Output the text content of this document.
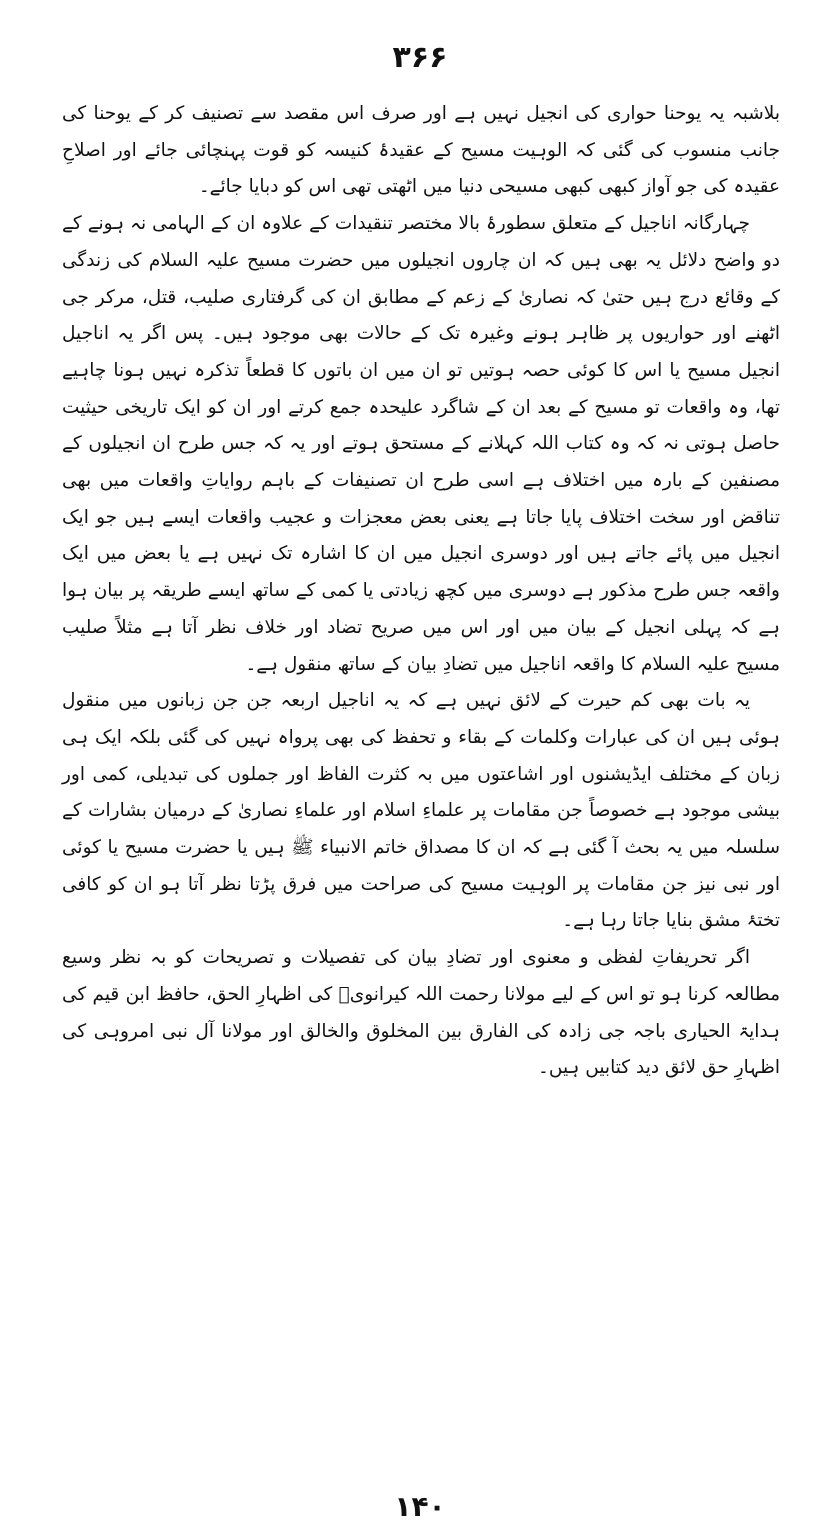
۳۶۶

بلاشبہ یہ یوحنا حواری کی انجیل نہیں ہے اور صرف اس مقصد سے تصنیف کر کے یوحنا کی جانب منسوب کی گئی کہ الوہیت مسیح کے عقیدۂ کنیسہ کو قوت پہنچائی جائے اور اصلاحِ عقیدہ کی جو آواز کبھی کبھی مسیحی دنیا میں اٹھتی تھی اس کو دبایا جائے۔

چہارگانہ اناجیل کے متعلق سطورۂ بالا مختصر تنقیدات کے علاوہ ان کے الہامی نہ ہونے کے دو واضح دلائل یہ بھی ہیں کہ ان چاروں انجیلوں میں حضرت مسیح علیہ السلام کی زندگی کے وقائع درج ہیں حتیٰ کہ نصاریٰ کے زعم کے مطابق ان کی گرفتاری صلیب، قتل، مرکر جی اٹھنے اور حواریوں پر ظاہر ہونے وغیرہ تک کے حالات بھی موجود ہیں۔ پس اگر یہ اناجیل انجیل مسیح یا اس کا کوئی حصہ ہوتیں تو ان میں ان باتوں کا قطعاً تذکرہ نہیں ہونا چاہیے تھا، وہ واقعات تو مسیح کے بعد ان کے شاگرد علیحدہ جمع کرتے اور ان کو ایک تاریخی حیثیت حاصل ہوتی نہ کہ وہ کتاب اللہ کہلانے کے مستحق ہوتے اور یہ کہ جس طرح ان انجیلوں کے مصنفین کے بارہ میں اختلاف ہے اسی طرح ان تصنیفات کے باہم روایاتِ واقعات میں بھی تناقض اور سخت اختلاف پایا جاتا ہے یعنی بعض معجزات و عجیب واقعات ایسے ہیں جو ایک انجیل میں پائے جاتے ہیں اور دوسری انجیل میں ان کا اشارہ تک نہیں ہے یا بعض میں ایک واقعہ جس طرح مذکور ہے دوسری میں کچھ زیادتی یا کمی کے ساتھ ایسے طریقہ پر بیان ہوا ہے کہ پہلی انجیل کے بیان میں اور اس میں صریح تضاد اور خلاف نظر آتا ہے مثلاً صلیب مسیح علیہ السلام کا واقعہ اناجیل میں تضادِ بیان کے ساتھ منقول ہے۔

یہ بات بھی کم حیرت کے لائق نہیں ہے کہ یہ اناجیل اربعہ جن جن زبانوں میں منقول ہوئی ہیں ان کی عبارات وکلمات کے بقاء و تحفظ کی بھی پرواہ نہیں کی گئی بلکہ ایک ہی زبان کے مختلف ایڈیشنوں اور اشاعتوں میں بہ کثرت الفاظ اور جملوں کی تبدیلی، کمی اور بیشی موجود ہے خصوصاً جن مقامات پر علماءِ اسلام اور علماءِ نصاریٰ کے درمیان بشارات کے سلسلہ میں یہ بحث آ گئی ہے کہ ان کا مصداق خاتم الانبیاء ﷺ ہیں یا حضرت مسیح یا کوئی اور نبی نیز جن مقامات پر الوہیت مسیح کی صراحت میں فرق پڑتا نظر آتا ہو ان کو کافی تختۂ مشق بنایا جاتا رہا ہے۔

اگر تحریفاتِ لفظی و معنوی اور تضادِ بیان کی تفصیلات و تصریحات کو بہ نظر وسیع مطالعہ کرنا ہو تو اس کے لیے مولانا رحمت اللہ کیرانویؒ کی اظہارِ الحق، حافظ ابن قیم کی ہدایۃ الحیاری باجہ جی زادہ کی الفارق بین المخلوق والخالق اور مولانا آل نبی امروہی کی اظہارِ حق لائق دید کتابیں ہیں۔

۱۴۰
